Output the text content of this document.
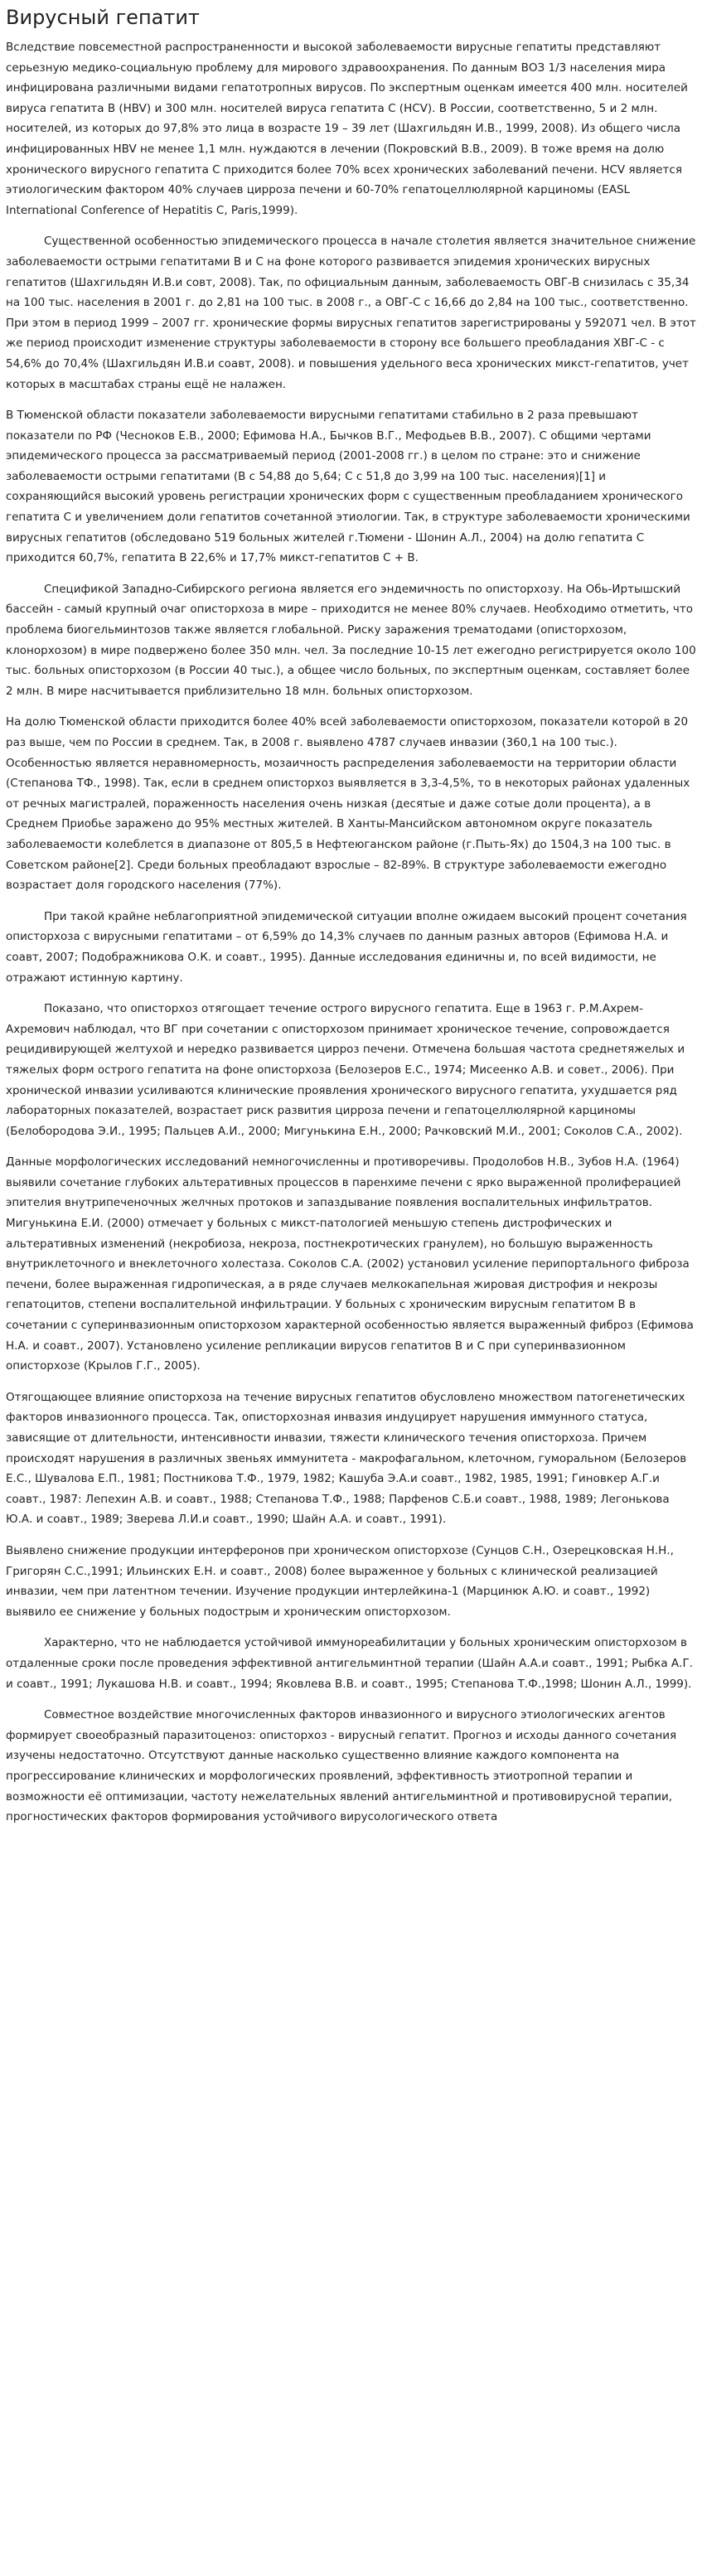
Вирусный гепатит

Вследствие повсеместной распространенности и высокой заболеваемости вирусные гепатиты представляют серьезную медико-социальную проблему для мирового здравоохранения. По данным ВОЗ 1/3 населения мира инфицирована различными видами гепатотропных вирусов. По экспертным оценкам имеется 400 млн. носителей вируса гепатита В (HBV) и 300 млн. носителей вируса гепатита С (HCV). В России, соответственно, 5 и 2 млн. носителей, из которых до 97,8% это лица в возрасте 19 – 39 лет (Шахгильдян И.В., 1999, 2008). Из общего числа инфицированных HBV не менее 1,1 млн. нуждаются в лечении (Покровский В.В., 2009). В тоже время на долю хронического вирусного гепатита С приходится более 70% всех хронических заболеваний печени. HCV является этиологическим фактором 40% случаев цирроза печени и 60-70% гепатоцеллюлярной карциномы (EASL International Conference of Hepatitis C, Paris,1999).

Существенной особенностью эпидемического процесса в начале столетия является значительное снижение заболеваемости острыми гепатитами В и С на фоне которого развивается эпидемия хронических вирусных гепатитов (Шахгильдян И.В.и совт, 2008). Так, по официальным данным, заболеваемость ОВГ-В снизилась с 35,34 на 100 тыс. населения в 2001 г. до 2,81 на 100 тыс. в 2008 г., а ОВГ-С с 16,66 до 2,84 на 100 тыс., соответственно. При этом в период 1999 – 2007 гг. хронические формы вирусных гепатитов зарегистрированы у 592071 чел. В этот же период происходит изменение структуры заболеваемости в сторону все большего преобладания ХВГ-С - с 54,6% до 70,4% (Шахгильдян И.В.и соавт, 2008). и повышения удельного веса хронических микст-гепатитов, учет которых в масштабах страны ещё не налажен.

В Тюменской области показатели заболеваемости вирусными гепатитами стабильно в 2 раза превышают показатели по РФ (Чесноков Е.В., 2000; Ефимова Н.А., Бычков В.Г., Мефодьев В.В., 2007). С общими чертами эпидемического процесса за рассматриваемый период (2001-2008 гг.) в целом по стране: это и снижение заболеваемости острыми гепатитами (В с 54,88 до 5,64; С с 51,8 до 3,99 на 100 тыс. населения)[1] и сохраняющийся высокий уровень регистрации хронических форм с существенным преобладанием хронического гепатита С и увеличением доли гепатитов сочетанной этиологии. Так, в структуре заболеваемости хроническими вирусных гепатитов (обследовано 519 больных жителей г.Тюмени - Шонин А.Л., 2004) на долю гепатита С приходится 60,7%, гепатита В 22,6% и 17,7% микст-гепатитов С + В.

Спецификой Западно-Сибирского региона является его эндемичность по описторхозу. На Обь-Иртышский бассейн - самый крупный очаг описторхоза в мире – приходится не менее 80% случаев. Необходимо отметить, что проблема биогельминтозов также является глобальной. Риску заражения трематодами (описторхозом, клонорхозом) в мире подвержено более 350 млн. чел. За последние 10-15 лет ежегодно регистрируется около 100 тыс. больных описторхозом (в России 40 тыс.), а общее число больных, по экспертным оценкам, составляет более 2 млн. В мире насчитывается приблизительно 18 млн. больных описторхозом.

На долю Тюменской области приходится более 40% всей заболеваемости описторхозом, показатели которой в 20 раз выше, чем по России в среднем. Так, в 2008 г. выявлено 4787 случаев инвазии (360,1 на 100 тыс.). Особенностью является неравномерность, мозаичность распределения заболеваемости на территории области (Степанова ТФ., 1998). Так, если в среднем описторхоз выявляется в 3,3-4,5%, то в некоторых районах удаленных от речных магистралей, пораженность населения очень низкая (десятые и даже сотые доли процента), а в Среднем Приобье заражено до 95% местных жителей. В Ханты-Мансийском автономном округе показатель заболеваемости колеблется в диапазоне от 805,5 в Нефтеюганском районе (г.Пыть-Ях) до 1504,3 на 100 тыс. в Советском районе[2]. Среди больных преобладают взрослые – 82-89%. В структуре заболеваемости ежегодно возрастает доля городского населения (77%).

При такой крайне неблагоприятной эпидемической ситуации вполне ожидаем высокий процент сочетания описторхоза с вирусными гепатитами – от 6,59% до 14,3% случаев по данным разных авторов (Ефимова Н.А. и соавт, 2007; Подображникова О.К. и соавт., 1995). Данные исследования единичны и, по всей видимости, не отражают истинную картину.

Показано, что описторхоз отягощает течение острого вирусного гепатита. Еще в 1963 г. Р.М.Ахрем-Ахремович наблюдал, что ВГ при сочетании с описторхозом принимает хроническое течение, сопровождается рецидивирующей желтухой и нередко развивается цирроз печени. Отмечена большая частота среднетяжелых и тяжелых форм острого гепатита на фоне описторхоза (Белозеров Е.С., 1974; Мисеенко А.В. и совет., 2006). При хронической инвазии усиливаются клинические проявления хронического вирусного гепатита, ухудшается ряд лабораторных показателей, возрастает риск развития цирроза печени и гепатоцеллюлярной карциномы (Белобородова Э.И., 1995; Пальцев А.И., 2000; Мигунькина Е.Н., 2000; Рачковский М.И., 2001; Соколов С.А., 2002).

Данные морфологических исследований немногочисленны и противоречивы. Продолобов Н.В., Зубов Н.А. (1964) выявили сочетание глубоких альтеративных процессов в паренхиме печени с ярко выраженной пролиферацией эпителия внутрипеченочных желчных протоков и запаздывание появления воспалительных инфильтратов. Мигунькина Е.И. (2000) отмечает у больных с микст-патологией меньшую степень дистрофических и альтеративных изменений (некробиоза, некроза, постнекротических гранулем), но большую выраженность внутриклеточного и внеклеточного холестаза. Соколов С.А. (2002) установил усиление перипортального фиброза печени, более выраженная гидропическая, а в ряде случаев мелкокапельная жировая дистрофия и некрозы гепатоцитов, степени воспалительной инфильтрации. У больных с хроническим вирусным гепатитом В в сочетании с суперинвазионным описторхозом характерной особенностью является выраженный фиброз (Ефимова Н.А. и соавт., 2007). Установлено усиление репликации вирусов гепатитов В и С при суперинвазионном описторхозе (Крылов Г.Г., 2005).

Отягощающее влияние описторхоза на течение вирусных гепатитов обусловлено множеством патогенетических факторов инвазионного процесса. Так, описторхозная инвазия индуцирует нарушения иммунного статуса, зависящие от длительности, интенсивности инвазии, тяжести клинического течения описторхоза. Причем происходят нарушения в различных звеньях иммунитета - макрофагальном, клеточном, гуморальном (Белозеров Е.С., Шувалова Е.П., 1981; Постникова Т.Ф., 1979, 1982; Кашуба Э.А.и соавт., 1982, 1985, 1991; Гиновкер А.Г.и соавт., 1987: Лепехин А.В. и соавт., 1988; Степанова Т.Ф., 1988; Парфенов С.Б.и соавт., 1988, 1989; Легонькова Ю.А. и соавт., 1989; Зверева Л.И.и соавт., 1990; Шайн А.А. и соавт., 1991).

Выявлено снижение продукции интерферонов при хроническом описторхозе (Сунцов С.Н., Озерецковская Н.Н., Григорян С.С.,1991; Ильинских Е.Н. и соавт., 2008) более выраженное у больных с клинической реализацией инвазии, чем при латентном течении. Изучение продукции интерлейкина-1 (Марцинюк А.Ю. и соавт., 1992) выявило ее снижение у больных подострым и хроническим описторхозом.

Характерно, что не наблюдается устойчивой иммунореабилитации у больных хроническим описторхозом в отдаленные сроки после проведения эффективной антигельминтной терапии (Шайн А.А.и соавт., 1991; Рыбка А.Г. и соавт., 1991; Лукашова Н.В. и соавт., 1994; Яковлева В.В. и соавт., 1995; Степанова Т.Ф.,1998; Шонин А.Л., 1999).

Совместное воздействие многочисленных факторов инвазионного и вирусного этиологических агентов формирует своеобразный паразитоценоз: описторхоз - вирусный гепатит. Прогноз и исходы данного сочетания изучены недостаточно. Отсутствуют данные насколько существенно влияние каждого компонента на прогрессирование клинических и морфологических проявлений, эффективность этиотропной терапии и возможности её оптимизации, частоту нежелательных явлений антигельминтной и противовирусной терапии, прогностических факторов формирования устойчивого вирусологического ответа
